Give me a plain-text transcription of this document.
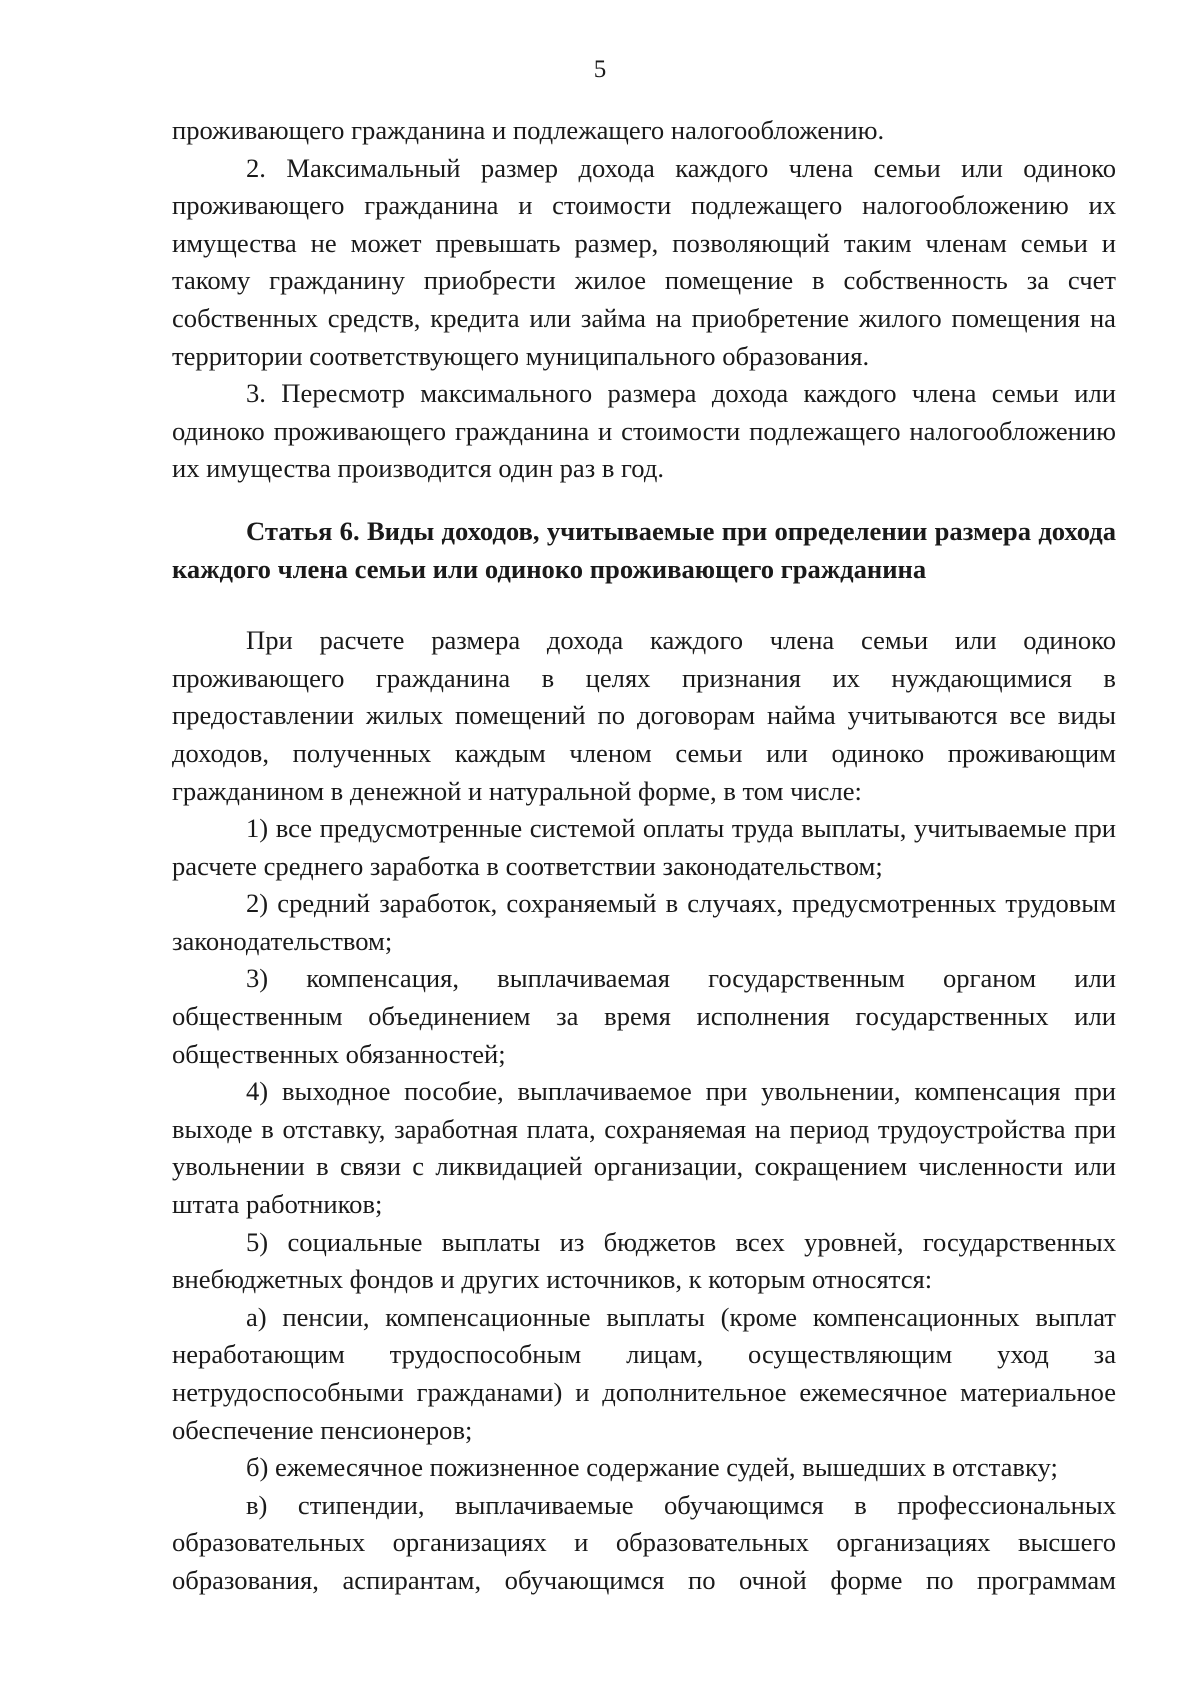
5

проживающего гражданина и подлежащего налогообложению.

2. Максимальный размер дохода каждого члена семьи или одиноко проживающего гражданина и стоимости подлежащего налогообложению их имущества не может превышать размер, позволяющий таким членам семьи и такому гражданину приобрести жилое помещение в собственность за счет собственных средств, кредита или займа на приобретение жилого помещения на территории соответствующего муниципального образования.

3. Пересмотр максимального размера дохода каждого члена семьи или одиноко проживающего гражданина и стоимости подлежащего налогообложению их имущества производится один раз в год.

Статья 6. Виды доходов, учитываемые при определении размера дохода каждого члена семьи или одиноко проживающего гражданина

При расчете размера дохода каждого члена семьи или одиноко проживающего гражданина в целях признания их нуждающимися в предоставлении жилых помещений по договорам найма учитываются все виды доходов, полученных каждым членом семьи или одиноко проживающим гражданином в денежной и натуральной форме, в том числе:

1) все предусмотренные системой оплаты труда выплаты, учитываемые при расчете среднего заработка в соответствии законодательством;

2) средний заработок, сохраняемый в случаях, предусмотренных трудовым законодательством;

3) компенсация, выплачиваемая государственным органом или общественным объединением за время исполнения государственных или общественных обязанностей;

4) выходное пособие, выплачиваемое при увольнении, компенсация при выходе в отставку, заработная плата, сохраняемая на период трудоустройства при увольнении в связи с ликвидацией организации, сокращением численности или штата работников;

5) социальные выплаты из бюджетов всех уровней, государственных внебюджетных фондов и других источников, к которым относятся:

а) пенсии, компенсационные выплаты (кроме компенсационных выплат неработающим трудоспособным лицам, осуществляющим уход за нетрудоспособными гражданами) и дополнительное ежемесячное материальное обеспечение пенсионеров;

б) ежемесячное пожизненное содержание судей, вышедших в отставку;

в) стипендии, выплачиваемые обучающимся в профессиональных образовательных организациях и образовательных организациях высшего образования, аспирантам, обучающимся по очной форме по программам
